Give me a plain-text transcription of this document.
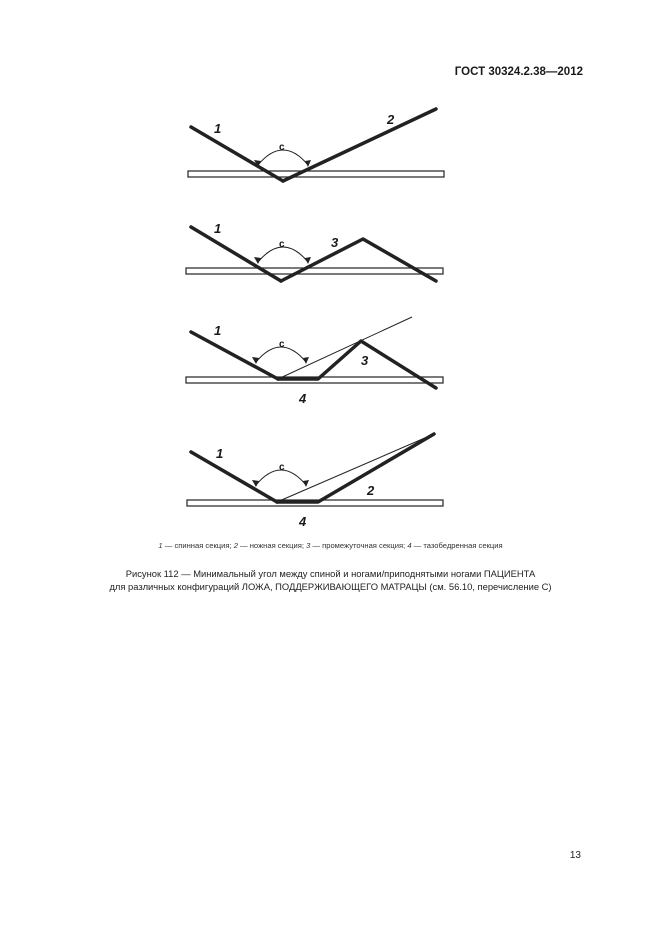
ГОСТ 30324.2.38—2012
1
2
c
1
3
c
1
3
4
c
1
2
4
c
1 — спинная секция; 2 — ножная секция; 3 — промежуточная секция; 4 — тазобедренная секция
Рисунок 112 — Минимальный угол между спиной и ногами/приподнятыми ногами ПАЦИЕНТА
для различных конфигураций ЛОЖА, ПОДДЕРЖИВАЮЩЕГО МАТРАЦЫ (см. 56.10, перечисление C)
13
